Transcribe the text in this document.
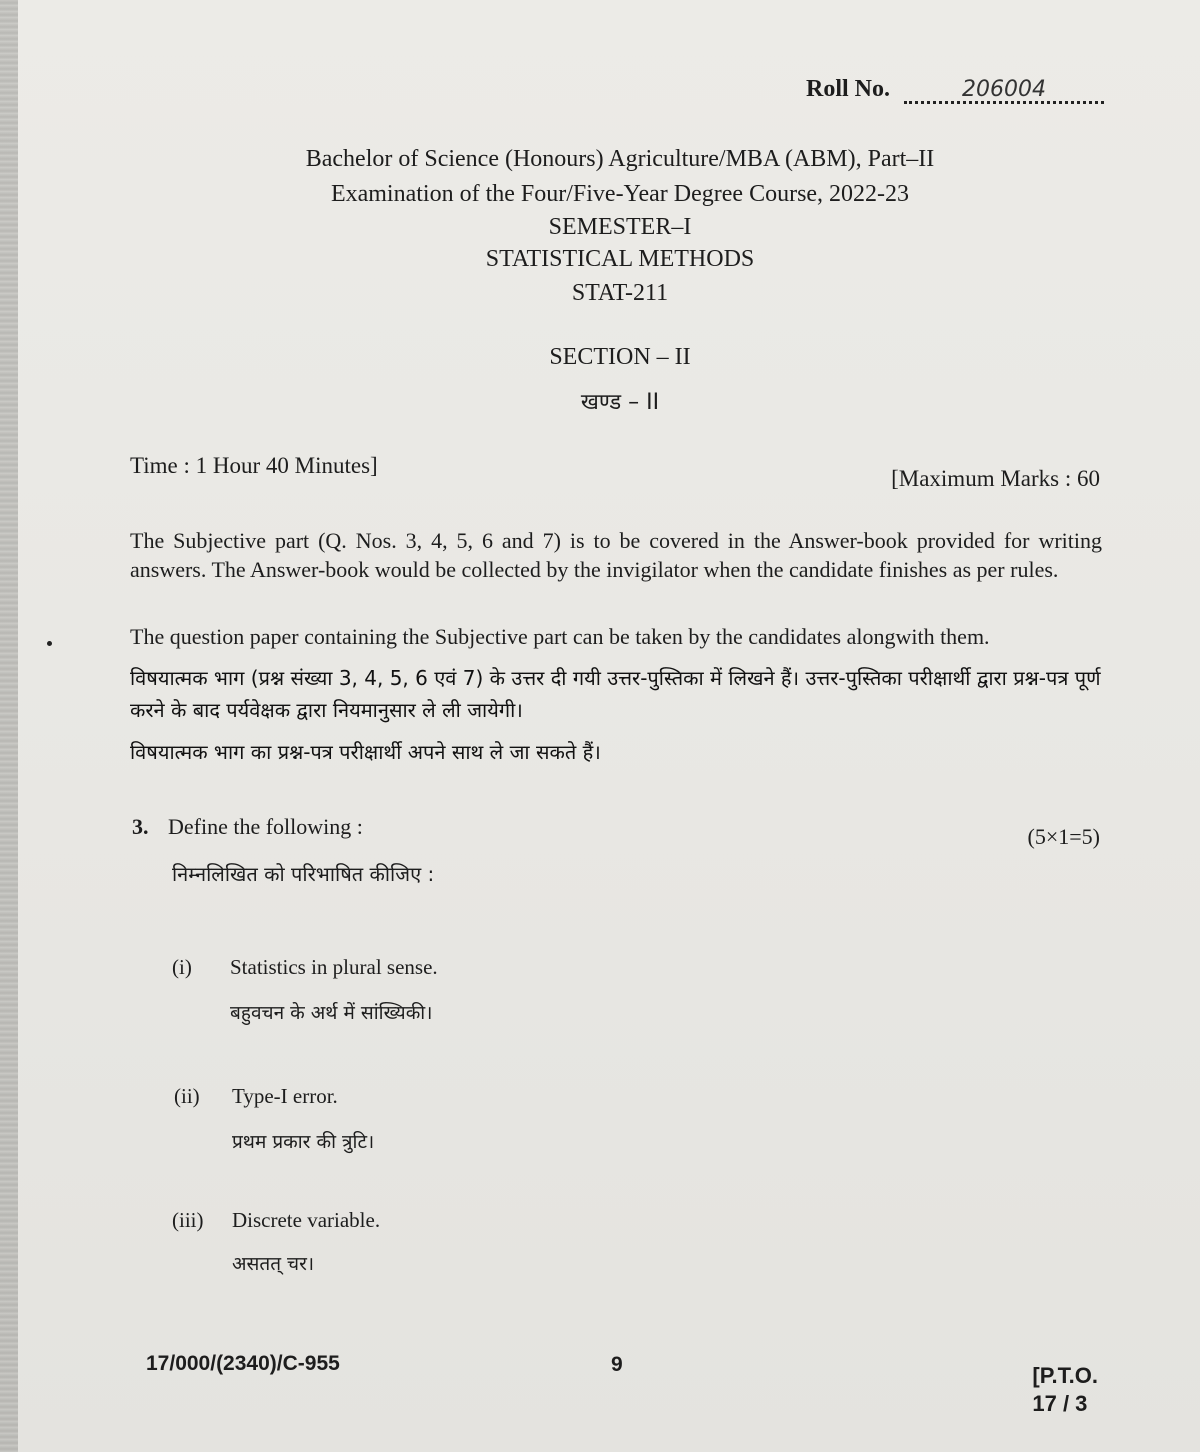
Roll No.	206004
Bachelor of Science (Honours) Agriculture/MBA (ABM), Part–II
Examination of the Four/Five-Year Degree Course, 2022-23
SEMESTER–I
STATISTICAL METHODS
STAT-211
SECTION – II
खण्ड – II
Time : 1 Hour 40 Minutes]
[Maximum Marks : 60
The Subjective part (Q. Nos. 3, 4, 5, 6 and 7) is to be covered in the Answer-book provided for writing answers. The Answer-book would be collected by the invigilator when the candidate finishes as per rules.
The question paper containing the Subjective part can be taken by the candidates alongwith them.
विषयात्मक भाग (प्रश्न संख्या 3, 4, 5, 6 एवं 7) के उत्तर दी गयी उत्तर-पुस्तिका में लिखने हैं। उत्तर-पुस्तिका परीक्षार्थी द्वारा प्रश्न-पत्र पूर्ण करने के बाद पर्यवेक्षक द्वारा नियमानुसार ले ली जायेगी।
विषयात्मक भाग का प्रश्न-पत्र परीक्षार्थी अपने साथ ले जा सकते हैं।
3. Define the following :	(5×1=5)
निम्नलिखित को परिभाषित कीजिए :
(i) Statistics in plural sense.
बहुवचन के अर्थ में सांख्यिकी।
(ii) Type-I error.
प्रथम प्रकार की त्रुटि।
(iii) Discrete variable.
असतत् चर।
17/000/(2340)/C-955	9	[P.T.O.
17 / 3
